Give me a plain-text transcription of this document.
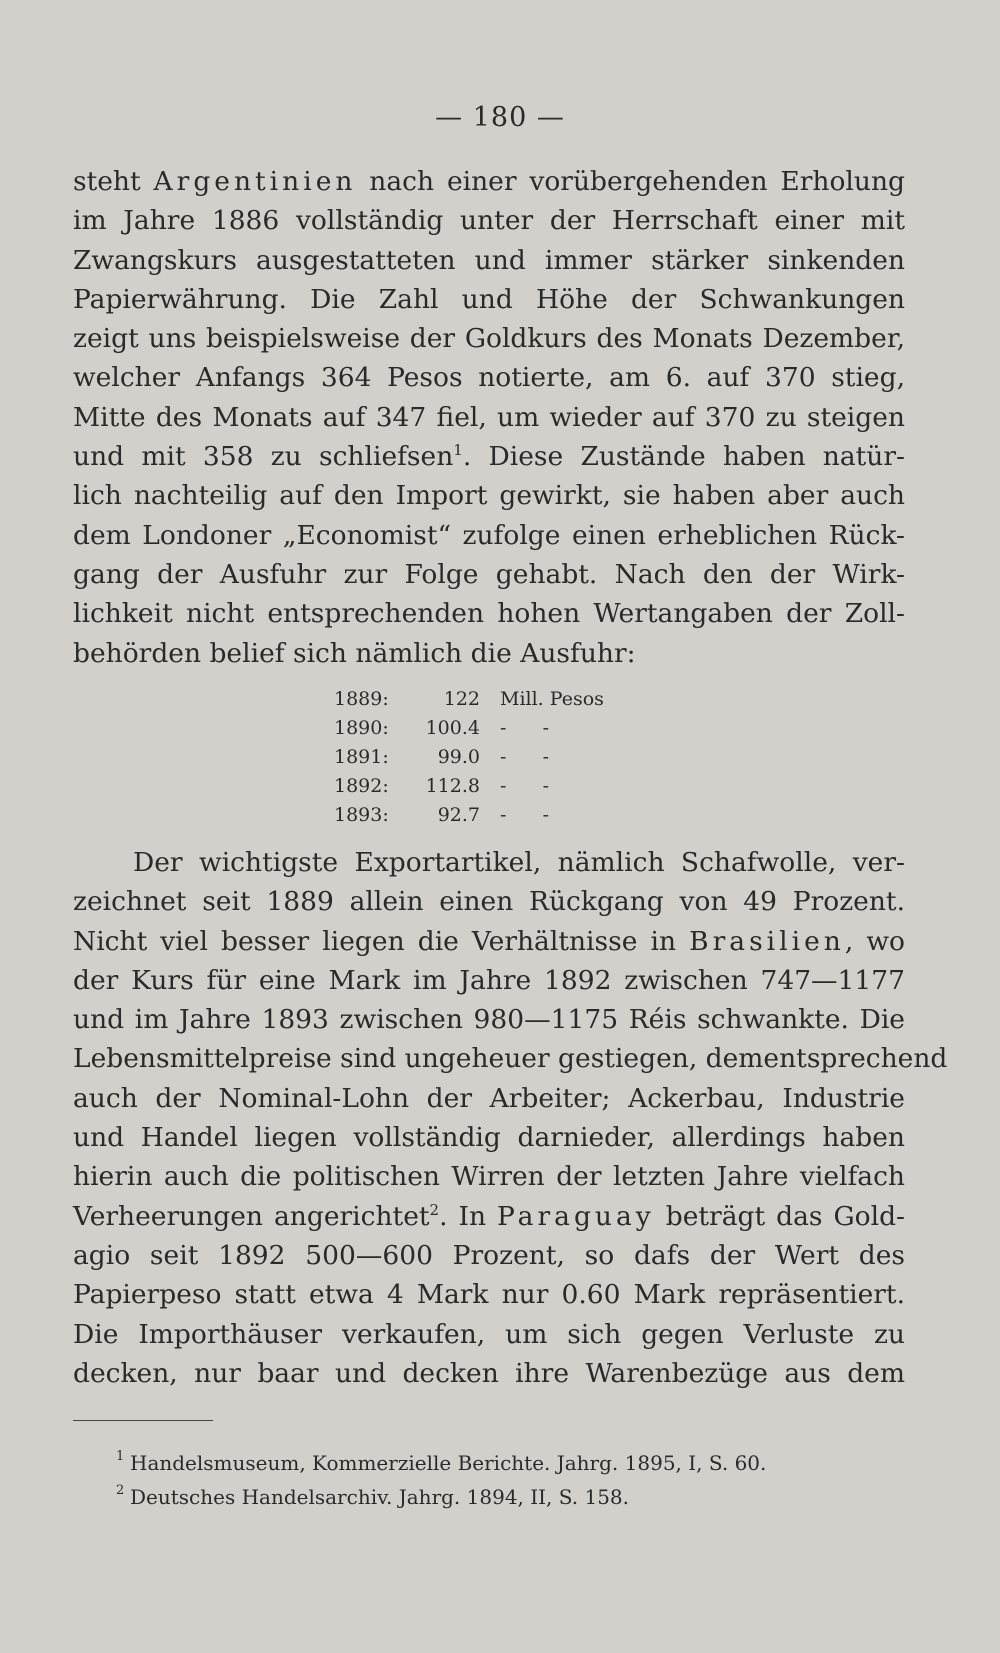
— 180 —
steht Argentinien nach einer vorübergehenden Erholung
im Jahre 1886 vollständig unter der Herrschaft einer mit
Zwangskurs ausgestatteten und immer stärker sinkenden
Papierwährung. Die Zahl und Höhe der Schwankungen
zeigt uns beispielsweise der Goldkurs des Monats Dezember,
welcher Anfangs 364 Pesos notierte, am 6. auf 370 stieg,
Mitte des Monats auf 347 fiel, um wieder auf 370 zu steigen
und mit 358 zu schliefsen$^1$. Diese Zustände haben natür-
lich nachteilig auf den Import gewirkt, sie haben aber auch
dem Londoner „Economist“ zufolge einen erheblichen Rück-
gang der Ausfuhr zur Folge gehabt. Nach den der Wirk-
lichkeit nicht entsprechenden hohen Wertangaben der Zoll-
behörden belief sich nämlich die Ausfuhr:
1889:	122 Mill. Pesos
1890: 100.4 -      -
1891:	99.0 -      -
1892: 112.8 -      -
1893:	92.7 -      -
Der wichtigste Exportartikel, nämlich Schafwolle, ver-
zeichnet seit 1889 allein einen Rückgang von 49 Prozent.
Nicht viel besser liegen die Verhältnisse in Brasilien, wo
der Kurs für eine Mark im Jahre 1892 zwischen 747—1177
und im Jahre 1893 zwischen 980—1175 Réis schwankte. Die
Lebensmittelpreise sind ungeheuer gestiegen, dementsprechend
auch der Nominal-Lohn der Arbeiter; Ackerbau, Industrie
und Handel liegen vollständig darnieder, allerdings haben
hierin auch die politischen Wirren der letzten Jahre vielfach
Verheerungen angerichtet$^2$. In Paraguay beträgt das Gold-
agio seit 1892 500—600 Prozent, so dafs der Wert des
Papierpeso statt etwa 4 Mark nur 0.60 Mark repräsentiert.
Die Importhäuser verkaufen, um sich gegen Verluste zu
decken, nur baar und decken ihre Warenbezüge aus dem
1 Handelsmuseum, Kommerzielle Berichte. Jahrg. 1895, I, S. 60.
2 Deutsches Handelsarchiv. Jahrg. 1894, II, S. 158.
